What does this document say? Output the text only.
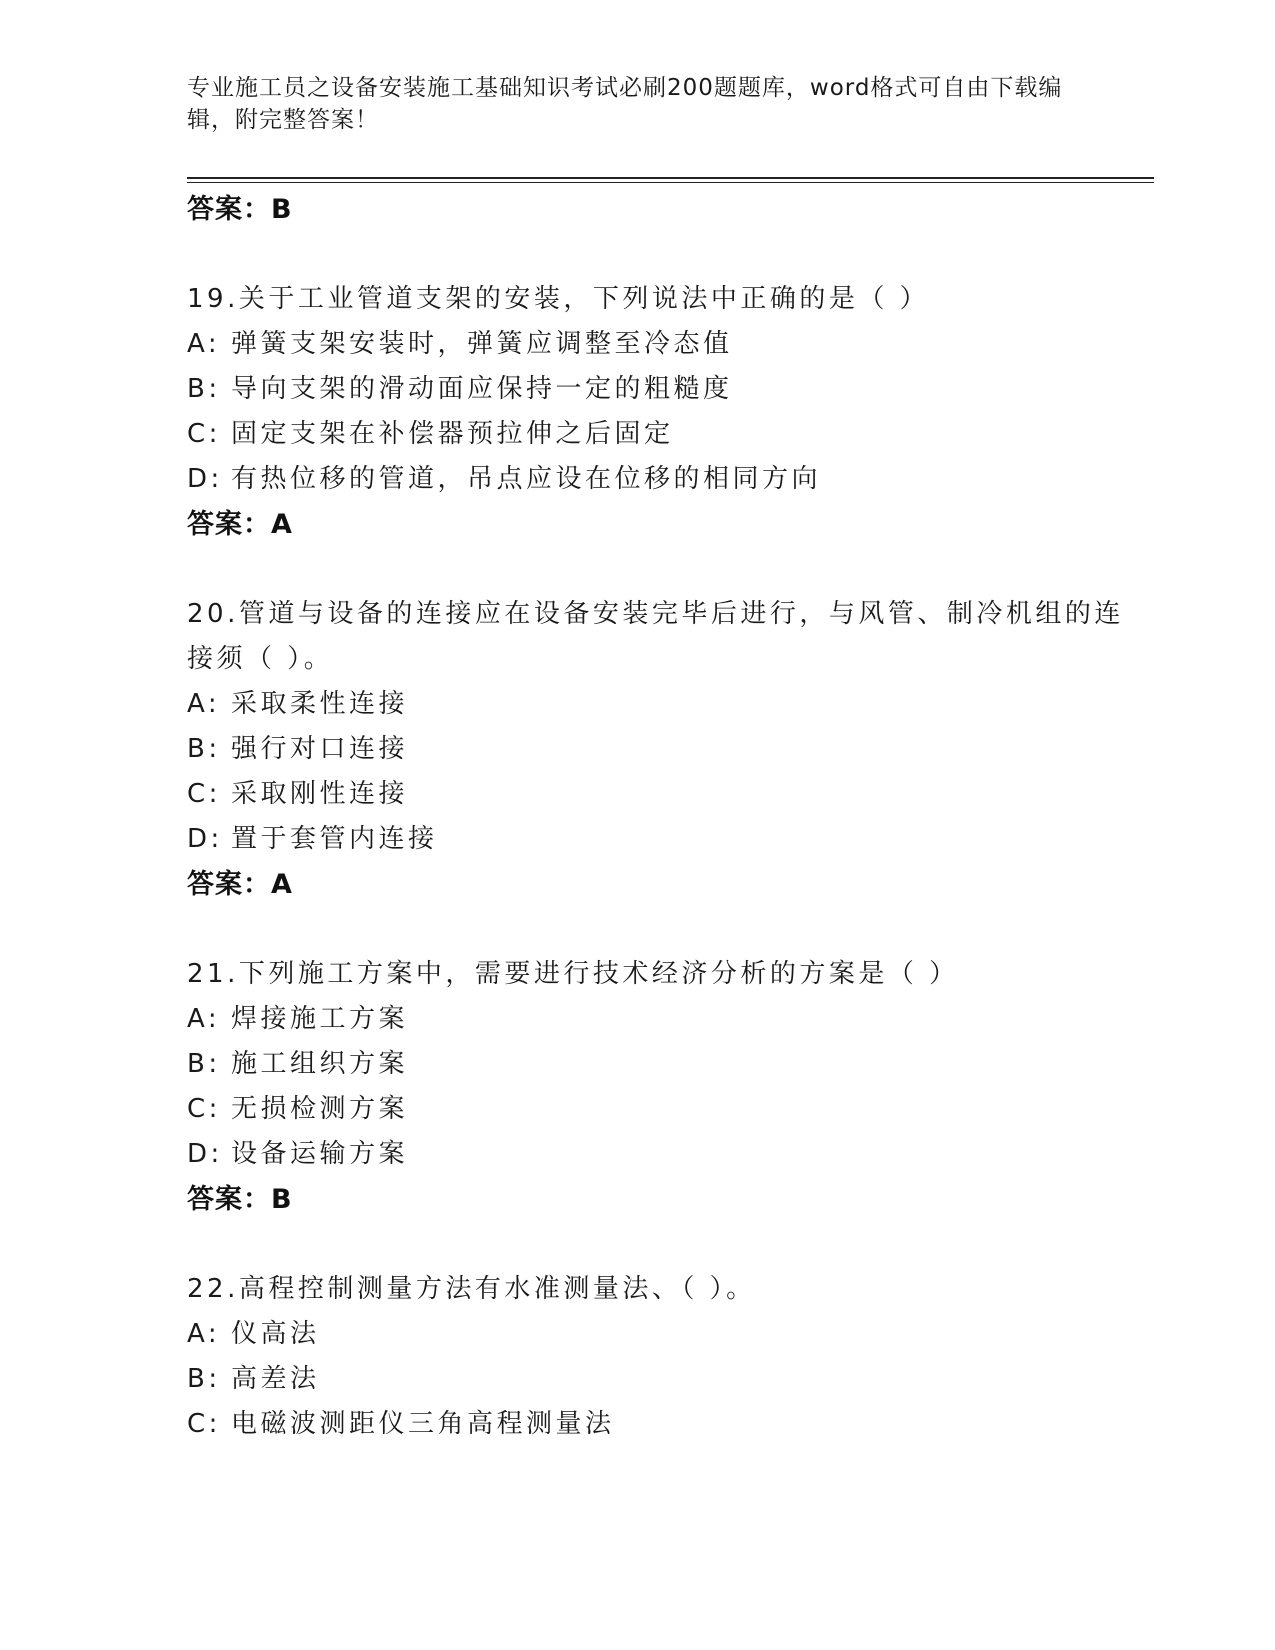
专业施工员之设备安装施工基础知识考试必刷200题题库，word格式可自由下载编辑，附完整答案！
答案：B
19.关于工业管道支架的安装，下列说法中正确的是（ ）
A: 弹簧支架安装时，弹簧应调整至冷态值
B: 导向支架的滑动面应保持一定的粗糙度
C: 固定支架在补偿器预拉伸之后固定
D: 有热位移的管道，吊点应设在位移的相同方向
答案：A
20.管道与设备的连接应在设备安装完毕后进行，与风管、制冷机组的连接须（ ）。
A: 采取柔性连接
B: 强行对口连接
C: 采取刚性连接
D: 置于套管内连接
答案：A
21.下列施工方案中，需要进行技术经济分析的方案是（ ）
A: 焊接施工方案
B: 施工组织方案
C: 无损检测方案
D: 设备运输方案
答案：B
22.高程控制测量方法有水准测量法、（ ）。
A: 仪高法
B: 高差法
C: 电磁波测距仪三角高程测量法
